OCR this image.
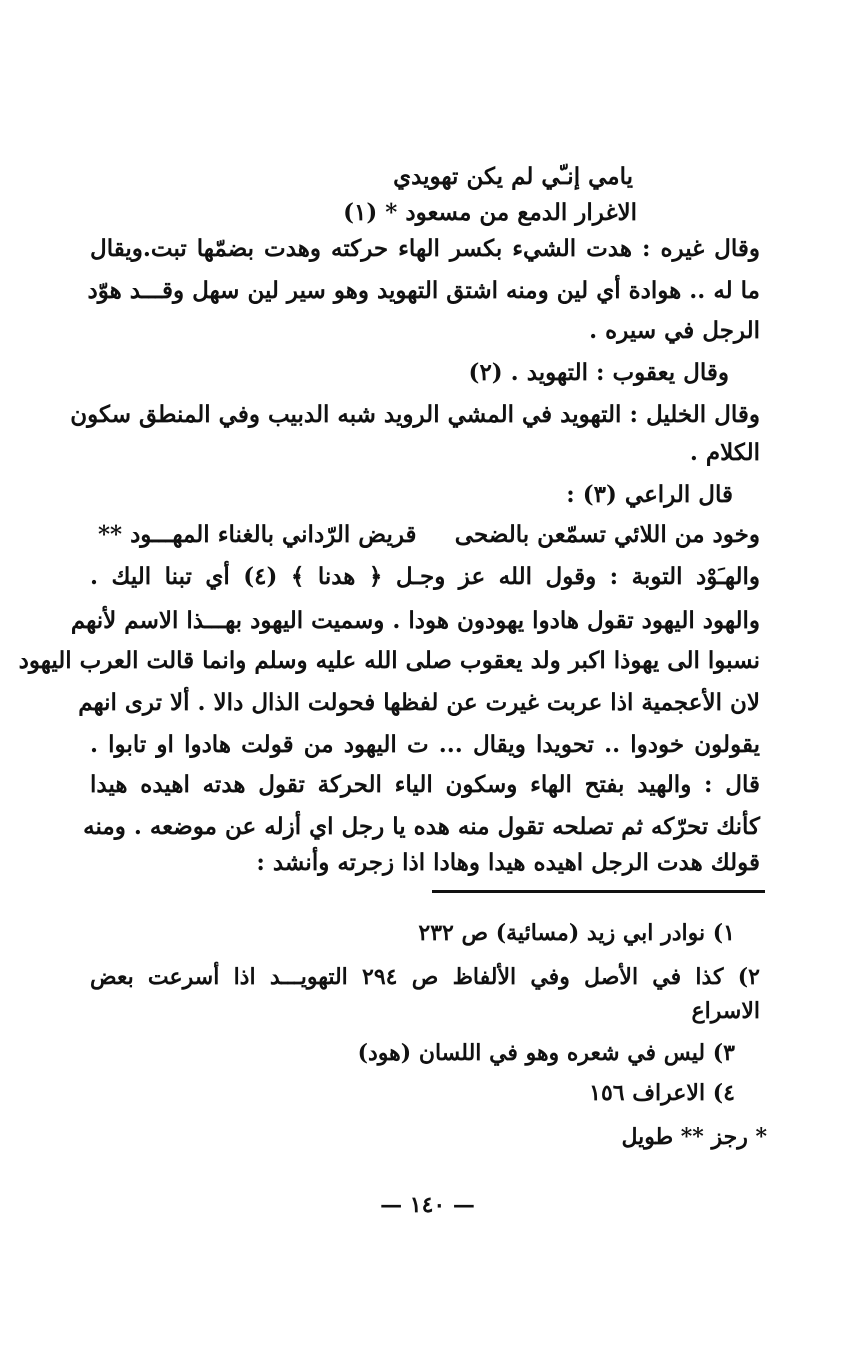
يامي إنـّي لم يكن تهويدي
الاغرار الدمع من مسعود * (١)
وقال غيره : هدت الشيء بكسر الهاء حركته وهدت بضمّها تبت.ويقال
ما له .. هوادة أي لين ومنه اشتق التهويد وهو سير لين سهل وقـــد هوّد
الرجل في سيره .
وقال يعقوب : التهويد . (٢)
وقال الخليل : التهويد في المشي الرويد شبه الدبيب وفي المنطق سكون
الكلام .
قال الراعي (٣) :
وخود من اللائي تسمّعن بالضحى
قريض الرّداني بالغناء المهـــود **
والهـَوْد التوبة : وقول الله عز وجـل ﴿ هدنا ﴾ (٤) أي تبنا اليك .
والهود اليهود تقول هادوا يهودون هودا . وسميت اليهود بهـــذا الاسم لأنهم
نسبوا الى يهوذا اكبر ولد يعقوب صلى الله عليه وسلم وانما قالت العرب اليهود
لان الأعجمية اذا عربت غيرت عن لفظها فحولت الذال دالا . ألا ترى انهم
يقولون خودوا .. تحويدا ويقال ... ت اليهود من قولت هادوا او تابوا .
قال : والهيد بفتح الهاء وسكون الياء الحركة تقول هدته اهيده هيدا
كأنك تحرّكه ثم تصلحه تقول منه هده يا رجل اي أزله عن موضعه . ومنه
قولك هدت الرجل اهيده هيدا وهادا اذا زجرته وأنشد :
١) نوادر ابي زيد (مسائية) ص ٢٣٢
٢) كذا في الأصل وفي الألفاظ ص ٢٩٤ التهويـــد اذا أسرعت بعض
الاسراع
٣) ليس في شعره وهو في اللسان (هود)
٤) الاعراف ١٥٦
* رجز ** طويل
— ١٤٠ —
